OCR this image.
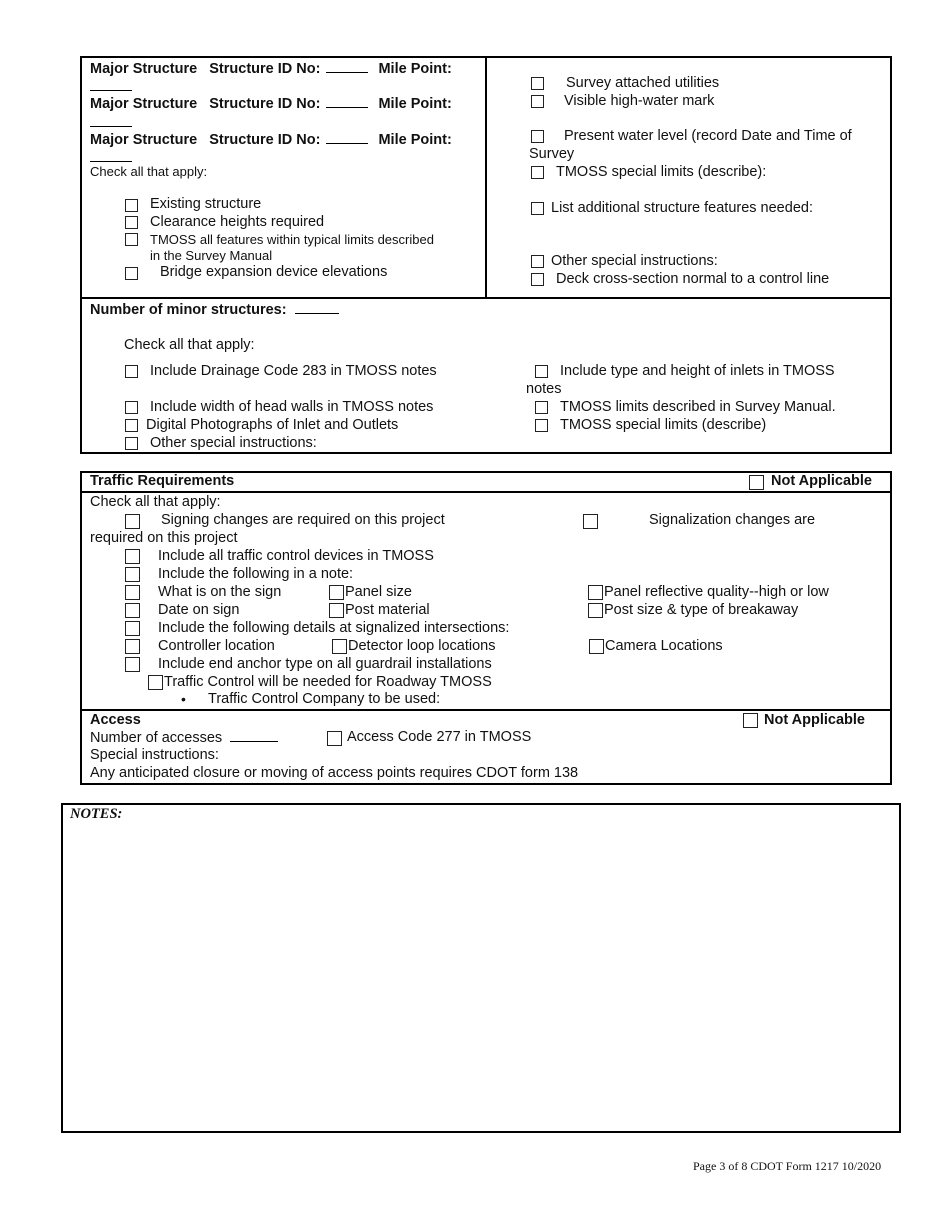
Major Structure Structure ID No:	Mile Point:
Major Structure Structure ID No:	Mile Point:
Major Structure Structure ID No:	Mile Point:
Check all that apply:
Existing structure
Clearance heights required
TMOSS all features within typical limits described
in the Survey Manual
Bridge expansion device elevations
Survey attached utilities
Visible high-water mark
Present water level (record Date and Time of
Survey
TMOSS special limits (describe):
List additional structure features needed:
Other special instructions:
Deck cross-section normal to a control line
Number of minor structures:
Check all that apply:
Include Drainage Code 283 in TMOSS notes
Include width of head walls in TMOSS notes
Digital Photographs of Inlet and Outlets
Other special instructions:
Include type and height of inlets in TMOSS
notes
TMOSS limits described in Survey Manual.
TMOSS special limits (describe)
Traffic Requirements	Not Applicable
Check all that apply:
Signing changes are required on this project	Signalization changes are
required on this project
Include all traffic control devices in TMOSS
Include the following in a note:
What is on the sign	Panel size	Panel reflective quality--high or low
Date on sign	Post material	Post size & type of breakaway
Include the following details at signalized intersections:
Controller location	Detector loop locations	Camera Locations
Include end anchor type on all guardrail installations
Traffic Control will be needed for Roadway TMOSS
• Traffic Control Company to be used:
Access	Not Applicable
Number of accesses	Access Code 277 in TMOSS
Special instructions:
Any anticipated closure or moving of access points requires CDOT form 138
NOTES:
Page 3 of 8 CDOT Form 1217 10/2020
